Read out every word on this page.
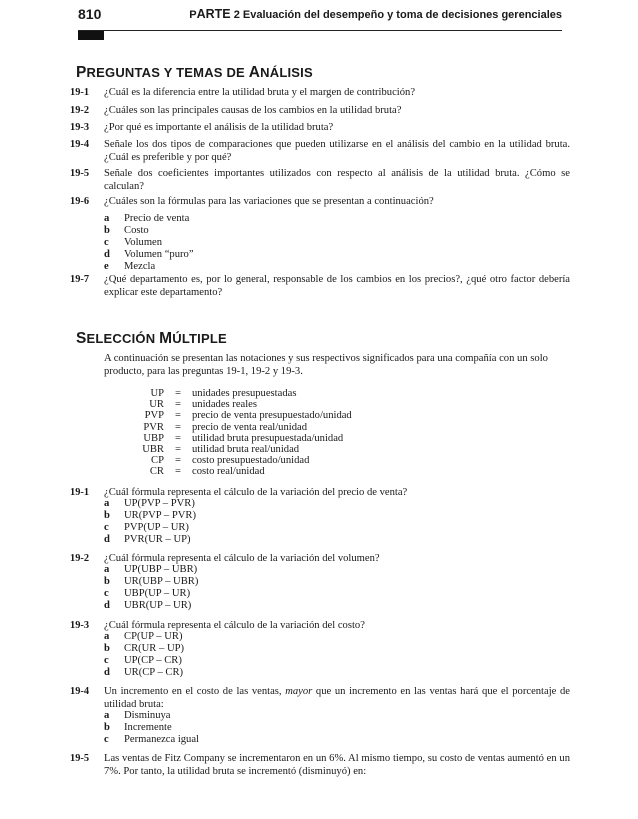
810	PARTE 2 Evaluación del desempeño y toma de decisiones gerenciales
PREGUNTAS Y TEMAS DE ANÁLISIS
19-1 ¿Cuál es la diferencia entre la utilidad bruta y el margen de contribución?
19-2 ¿Cuáles son las principales causas de los cambios en la utilidad bruta?
19-3 ¿Por qué es importante el análisis de la utilidad bruta?
19-4 Señale los dos tipos de comparaciones que pueden utilizarse en el análisis del cambio en la utilidad bruta. ¿Cuál es preferible y por qué?
19-5 Señale dos coeficientes importantes utilizados con respecto al análisis de la utilidad bruta. ¿Cómo se calculan?
19-6 ¿Cuáles son la fórmulas para las variaciones que se presentan a continuación?
a Precio de venta
b Costo
c Volumen
d Volumen “puro”
e Mezcla
19-7 ¿Qué departamento es, por lo general, responsable de los cambios en los precios?, ¿qué otro factor debería explicar este departamento?
SELECCIÓN MÚLTIPLE
A continuación se presentan las notaciones y sus respectivos significados para una compañía con un solo producto, para las preguntas 19-1, 19-2 y 19-3.
UP = unidades presupuestadas
UR = unidades reales
PVP = precio de venta presupuestado/unidad
PVR = precio de venta real/unidad
UBP = utilidad bruta presupuestada/unidad
UBR = utilidad bruta real/unidad
CP = costo presupuestado/unidad
CR = costo real/unidad
19-1 ¿Cuál fórmula representa el cálculo de la variación del precio de venta?
a UP(PVP – PVR)
b UR(PVP – PVR)
c PVP(UP – UR)
d PVR(UR – UP)
19-2 ¿Cuál fórmula representa el cálculo de la variación del volumen?
a UP(UBP – UBR)
b UR(UBP – UBR)
c UBP(UP – UR)
d UBR(UP – UR)
19-3 ¿Cuál fórmula representa el cálculo de la variación del costo?
a CP(UP – UR)
b CR(UR – UP)
c UP(CP – CR)
d UR(CP – CR)
19-4 Un incremento en el costo de las ventas, mayor que un incremento en las ventas hará que el porcentaje de utilidad bruta:
a Disminuya
b Incremente
c Permanezca igual
19-5 Las ventas de Fitz Company se incrementaron en un 6%. Al mismo tiempo, su costo de ventas aumentó en un 7%. Por tanto, la utilidad bruta se incrementó (disminuyó) en:
